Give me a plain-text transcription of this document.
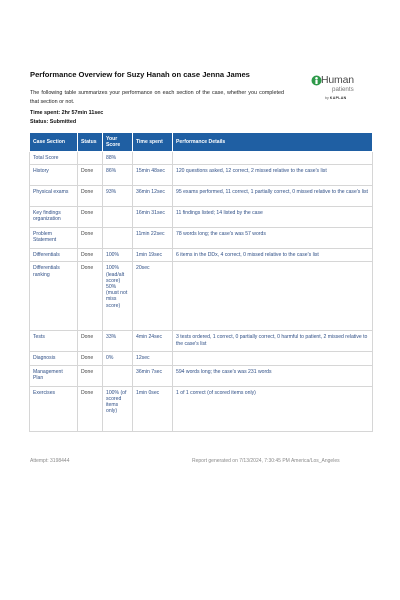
Performance Overview for Suzy Hanah on case Jenna James	Human
patients
by KAPLAN
The following table summarizes your performance on each section of the case, whether you completed that section or not.
Time spent: 2hr 57min 11sec
Status: Submitted
Case Section	Status	Your Score	Time spent	Performance Details
Total Score		88%		
History	Done	86%	15min 48sec	120 questions asked, 12 correct, 2 missed relative to the case's list
Physical exams	Done	93%	36min 12sec	95 exams performed, 11 correct, 1 partially correct, 0 missed relative to the case's list
Key findings organization	Done		16min 31sec	11 findings listed; 14 listed by the case
Problem Statement	Done		11min 22sec	78 words long; the case's was 57 words
Differentials	Done	100%	1min 19sec	6 items in the DDx, 4 correct, 0 missed relative to the case's list
Differentials ranking	Done	100% (lead/alt score) 50% (must not miss score)	20sec	
Tests	Done	33%	4min 24sec	3 tests ordered, 1 correct, 0 partially correct, 0 harmful to patient, 2 missed relative to the case's list
Diagnosis	Done	0%	12sec	
Management Plan	Done		36min 7sec	594 words long; the case's was 231 words
Exercises	Done	100% (of scored items only)	1min 0sec	1 of 1 correct (of scored items only)
Attempt: 3198444	Report generated on 7/13/2024, 7:30:45 PM America/Los_Angeles
